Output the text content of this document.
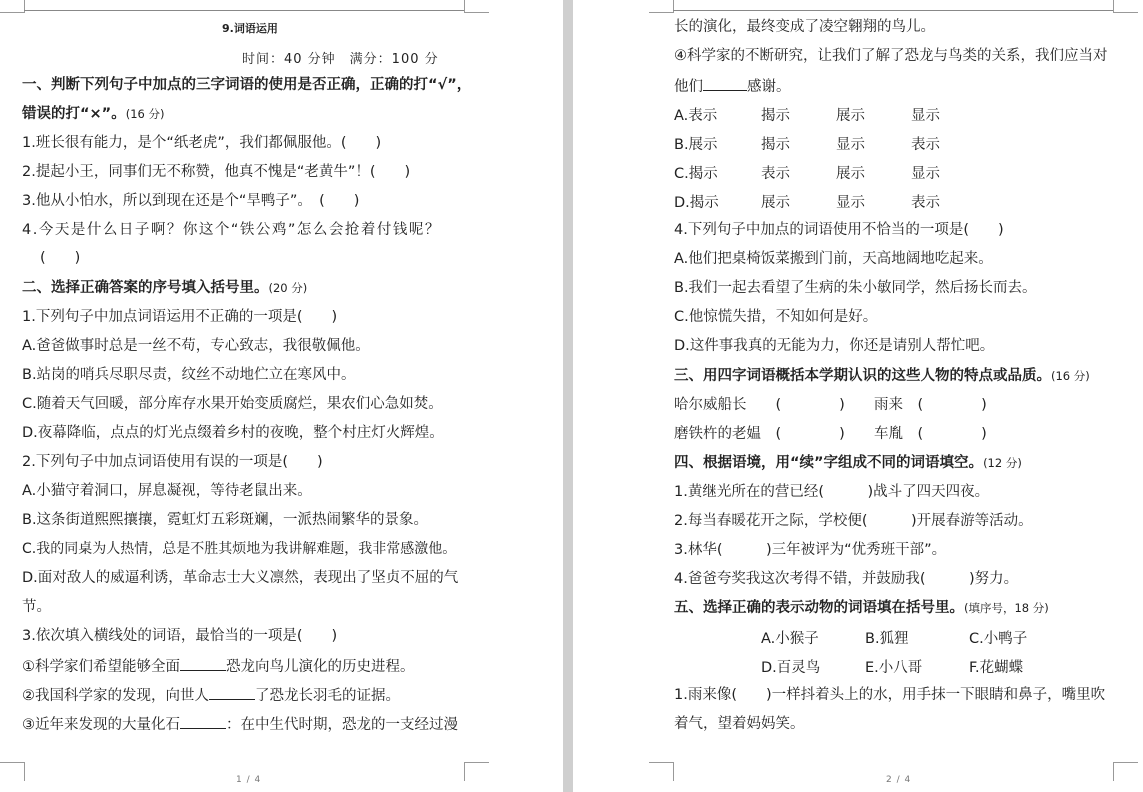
9.词语运用
时间：40 分钟　满分：100 分
一、判断下列句子中加点的三字词语的使用是否正确，正确的打“√”，
错误的打“×”。(16 分)
1.班长很有能力，是个“纸老虎”，我们都佩服他。(　　)
2.提起小王，同事们无不称赞，他真不愧是“老黄牛”！(　　)
3.他从小怕水，所以到现在还是个“旱鸭子”。　(　　)
4.今天是什么日子啊？你这个“铁公鸡”怎么会抢着付钱呢？
(　　)
二、选择正确答案的序号填入括号里。(20 分)
1.下列句子中加点词语运用不正确的一项是(　　)
A.爸爸做事时总是一丝不苟，专心致志，我很敬佩他。
B.站岗的哨兵尽职尽责，纹丝不动地伫立在寒风中。
C.随着天气回暖，部分库存水果开始变质腐烂，果农们心急如焚。
D.夜幕降临，点点的灯光点缀着乡村的夜晚，整个村庄灯火辉煌。
2.下列句子中加点词语使用有误的一项是(　　)
A.小猫守着洞口，屏息凝视，等待老鼠出来。
B.这条街道熙熙攘攘，霓虹灯五彩斑斓，一派热闹繁华的景象。
C.我的同桌为人热情，总是不胜其烦地为我讲解难题，我非常感激他。
D.面对敌人的威逼利诱，革命志士大义凛然，表现出了坚贞不屈的气
节。
3.依次填入横线处的词语，最恰当的一项是(　　)
①科学家们希望能够全面	恐龙向鸟儿演化的历史进程。
②我国科学家的发现，向世人	了恐龙长羽毛的证据。
③近年来发现的大量化石	：在中生代时期，恐龙的一支经过漫
1 / 4
长的演化，最终变成了凌空翱翔的鸟儿。
④科学家的不断研究，让我们了解了恐龙与鸟类的关系，我们应当对
他们	感谢。
A.表示	揭示	展示	显示
B.展示	揭示	显示	表示
C.揭示	表示	展示	显示
D.揭示	展示	显示	表示
4.下列句子中加点的词语使用不恰当的一项是(　　)
A.他们把桌椅饭菜搬到门前，天高地阔地吃起来。
B.我们一起去看望了生病的朱小敏同学，然后扬长而去。
C.他惊慌失措，不知如何是好。
D.这件事我真的无能为力，你还是请别人帮忙吧。
三、用四字词语概括本学期认识的这些人物的特点或品质。(16 分)
哈尔威船长　　(　　　　) 雨来　(　　　　)
磨铁杵的老媪　(　　　　) 车胤　(　　　　)
四、根据语境，用“续”字组成不同的词语填空。(12 分)
1.黄继光所在的营已经(　　　)战斗了四天四夜。
2.每当春暖花开之际，学校便(　　　)开展春游等活动。
3.林华(　　　)三年被评为“优秀班干部”。
4.爸爸夸奖我这次考得不错，并鼓励我(　　　)努力。
五、选择正确的表示动物的词语填在括号里。(填序号，18 分)
A.小猴子	B.狐狸	C.小鸭子
D.百灵鸟	E.小八哥	F.花蝴蝶
1.雨来像(　　)一样抖着头上的水，用手抹一下眼睛和鼻子，嘴里吹
着气，望着妈妈笑。
2 / 4
